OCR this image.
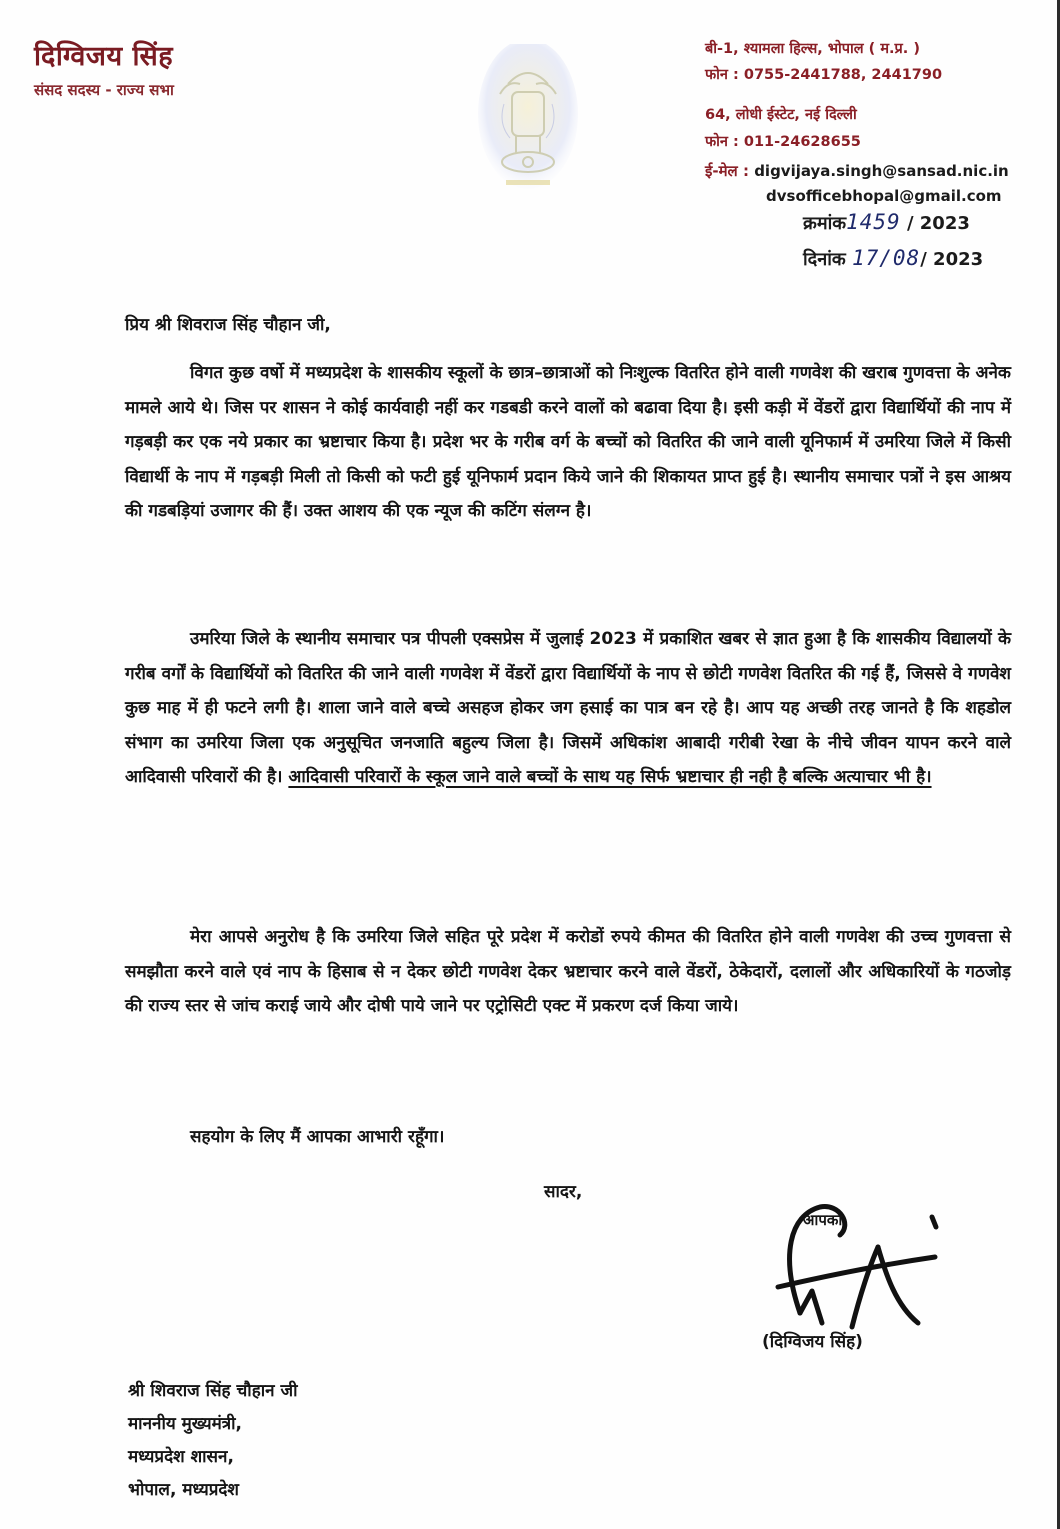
दिग्विजय सिंह
संसद सदस्य - राज्य सभा
बी-1, श्यामला हिल्स, भोपाल ( म.प्र. )
फोन : 0755-2441788, 2441790
64, लोधी ईस्टेट, नई दिल्ली
फोन : 011-24628655
ई-मेल : digvijaya.singh@sansad.nic.in
dvsofficebhopal@gmail.com
क्रमांक1459 / 2023
दिनांक 17/08/ 2023
प्रिय श्री शिवराज सिंह चौहान जी,
विगत कुछ वर्षो में मध्यप्रदेश के शासकीय स्कूलों के छात्र–छात्राओं को निःशुल्क वितरित होने वाली गणवेश की खराब गुणवत्ता के अनेक मामले आये थे। जिस पर शासन ने कोई कार्यवाही नहीं कर गडबडी करने वालों को बढावा दिया है। इसी कड़ी में वेंडरों द्वारा विद्यार्थियों की नाप में गड़बड़ी कर एक नये प्रकार का भ्रष्टाचार किया है। प्रदेश भर के गरीब वर्ग के बच्चों को वितरित की जाने वाली यूनिफार्म में उमरिया जिले में किसी विद्यार्थी के नाप में गड़बड़ी मिली तो किसी को फटी हुई यूनिफार्म प्रदान किये जाने की शिकायत प्राप्त हुई है। स्थानीय समाचार पत्रों ने इस आश्रय की गडबड़ियां उजागर की हैं। उक्त आशय की एक न्यूज की कटिंग संलग्न है।
उमरिया जिले के स्थानीय समाचार पत्र पीपली एक्सप्रेस में जुलाई 2023 में प्रकाशित खबर से ज्ञात हुआ है कि शासकीय विद्यालयों के गरीब वर्गों के विद्यार्थियों को वितरित की जाने वाली गणवेश में वेंडरों द्वारा विद्यार्थियों के नाप से छोटी गणवेश वितरित की गई हैं, जिससे वे गणवेश कुछ माह में ही फटने लगी है। शाला जाने वाले बच्चे असहज होकर जग हसाई का पात्र बन रहे है। आप यह अच्छी तरह जानते है कि शहडोल संभाग का उमरिया जिला एक अनुसूचित जनजाति बहुल्य जिला है। जिसमें अधिकांश आबादी गरीबी रेखा के नीचे जीवन यापन करने वाले आदिवासी परिवारों की है। आदिवासी परिवारों के स्कूल जाने वाले बच्चों के साथ यह सिर्फ भ्रष्टाचार ही नही है बल्कि अत्याचार भी है।
मेरा आपसे अनुरोध है कि उमरिया जिले सहित पूरे प्रदेश में करोडों रुपये कीमत की वितरित होने वाली गणवेश की उच्च गुणवत्ता से समझौता करने वाले एवं नाप के हिसाब से न देकर छोटी गणवेश देकर भ्रष्टाचार करने वाले वेंडरों, ठेकेदारों, दलालों और अधिकारियों के गठजोड़ की राज्य स्तर से जांच कराई जाये और दोषी पाये जाने पर एट्रोसिटी एक्ट में प्रकरण दर्ज किया जाये।
सहयोग के लिए मैं आपका आभारी रहूँगा।
सादर,
आपका
(दिग्विजय सिंह)
श्री शिवराज सिंह चौहान जी
माननीय मुख्यमंत्री,
मध्यप्रदेश शासन,
भोपाल, मध्यप्रदेश
